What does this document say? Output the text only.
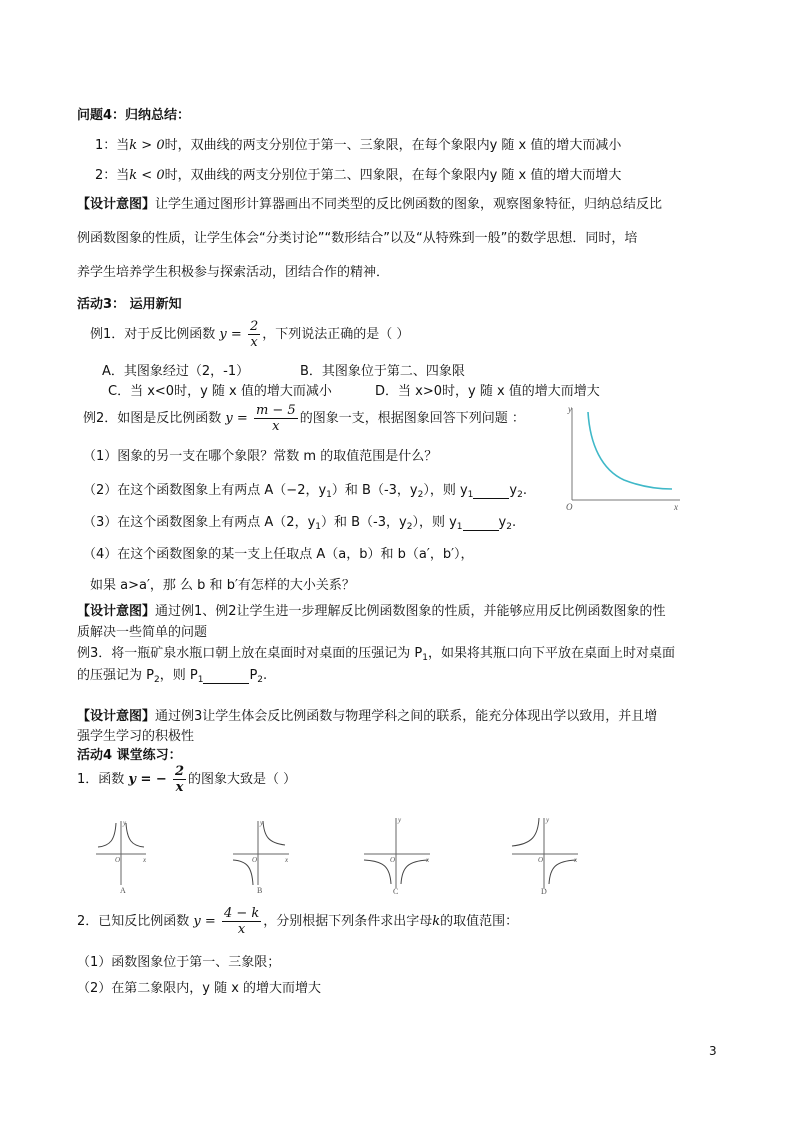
问题4：归纳总结：
1：当k > 0时，双曲线的两支分别位于第一、三象限，在每个象限内y 随 x 值的增大而减小
2：当k < 0时，双曲线的两支分别位于第二、四象限，在每个象限内y 随 x 值的增大而增大
【设计意图】让学生通过图形计算器画出不同类型的反比例函数的图象，观察图象特征，归纳总结反比
例函数图象的性质，让学生体会“分类讨论”“数形结合”以及“从特殊到一般”的数学思想．同时，培
养学生培养学生积极参与探索活动，团结合作的精神．
活动3： 运用新知
例1．对于反比例函数 $y = \frac{2}{x}$ ，下列说法正确的是（ ）
A．其图象经过（2，-1）	B．其图象位于第二、四象限
C．当 x<0时，y 随 x 值的增大而减小	D．当 x>0时，y 随 x 值的增大而增大
例2．如图是反比例函数 $y = \frac{m - 5}{x}$ 的图象一支，根据图象回答下列问题 ：
y
x
O
（1）图象的另一支在哪个象限？常数 m 的取值范围是什么？
（2）在这个函数图象上有两点 A（−2，$y_1$）和 B（-3，$y_2$），则 $y_1$	$y_2$.
（3）在这个函数图象上有两点 A（2，$y_1$）和 B（-3，$y_2$），则 $y_1$	$y_2$.
（4）在这个函数图象的某一支上任取点 A（a，b）和 b（a′，b′），
如果 a>a′，那 么 b 和 b′有怎样的大小关系？
【设计意图】通过例1、例2让学生进一步理解反比例函数图象的性质，并能够应用反比例函数图象的性
质解决一些简单的问题
例3．将一瓶矿泉水瓶口朝上放在桌面时对桌面的压强记为 $P_1$，如果将其瓶口向下平放在桌面上时对桌面
的压强记为 $P_2$，则 $P_1$	$P_2$.
【设计意图】通过例3让学生体会反比例函数与物理学科之间的联系，能充分体现出学以致用，并且增
强学生学习的积极性
活动4 课堂练习：
1．函数 y = − $\frac{2}{x}$ 的图象大致是（ ）
y
x
O
A
y
x
O
B
y
x
O
C
y
x
O
D
2．已知反比例函数 $y = \frac{4 - k}{x}$ ，分别根据下列条件求出字母k的取值范围：
（1）函数图象位于第一、三象限；
（2）在第二象限内，y 随 x 的增大而增大
3
